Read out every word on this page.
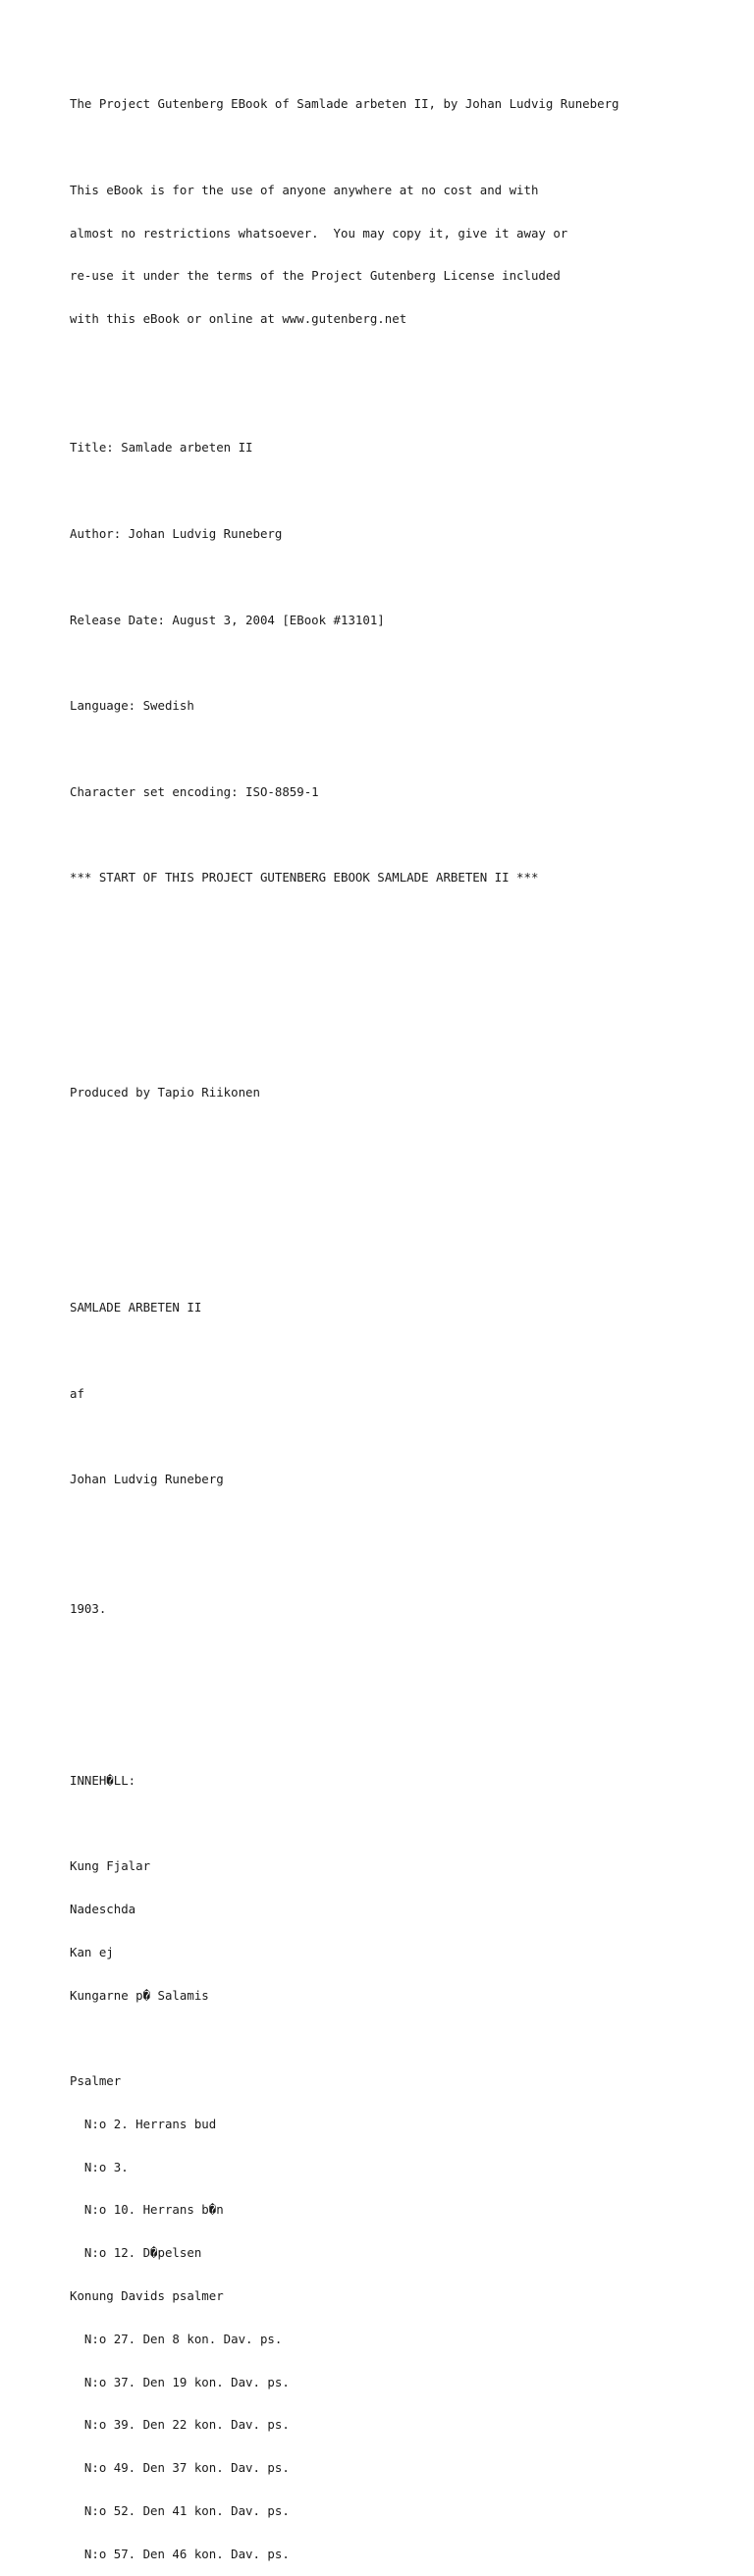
The Project Gutenberg EBook of Samlade arbeten II, by Johan Ludvig Runeberg

This eBook is for the use of anyone anywhere at no cost and with

almost no restrictions whatsoever.  You may copy it, give it away or

re-use it under the terms of the Project Gutenberg License included

with this eBook or online at www.gutenberg.net

Title: Samlade arbeten II

Author: Johan Ludvig Runeberg

Release Date: August 3, 2004 [EBook #13101]

Language: Swedish

Character set encoding: ISO-8859-1

*** START OF THIS PROJECT GUTENBERG EBOOK SAMLADE ARBETEN II ***

Produced by Tapio Riikonen

SAMLADE ARBETEN II

af

Johan Ludvig Runeberg

1903.

INNEH�LL:

Kung Fjalar

Nadeschda

Kan ej

Kungarne p� Salamis

Psalmer

N:o 2. Herrans bud

N:o 3.

N:o 10. Herrans b�n

N:o 12. D�pelsen

Konung Davids psalmer

N:o 27. Den 8 kon. Dav. ps.

N:o 37. Den 19 kon. Dav. ps.

N:o 39. Den 22 kon. Dav. ps.

N:o 49. Den 37 kon. Dav. ps.

N:o 52. Den 41 kon. Dav. ps.

N:o 57. Den 46 kon. Dav. ps.
